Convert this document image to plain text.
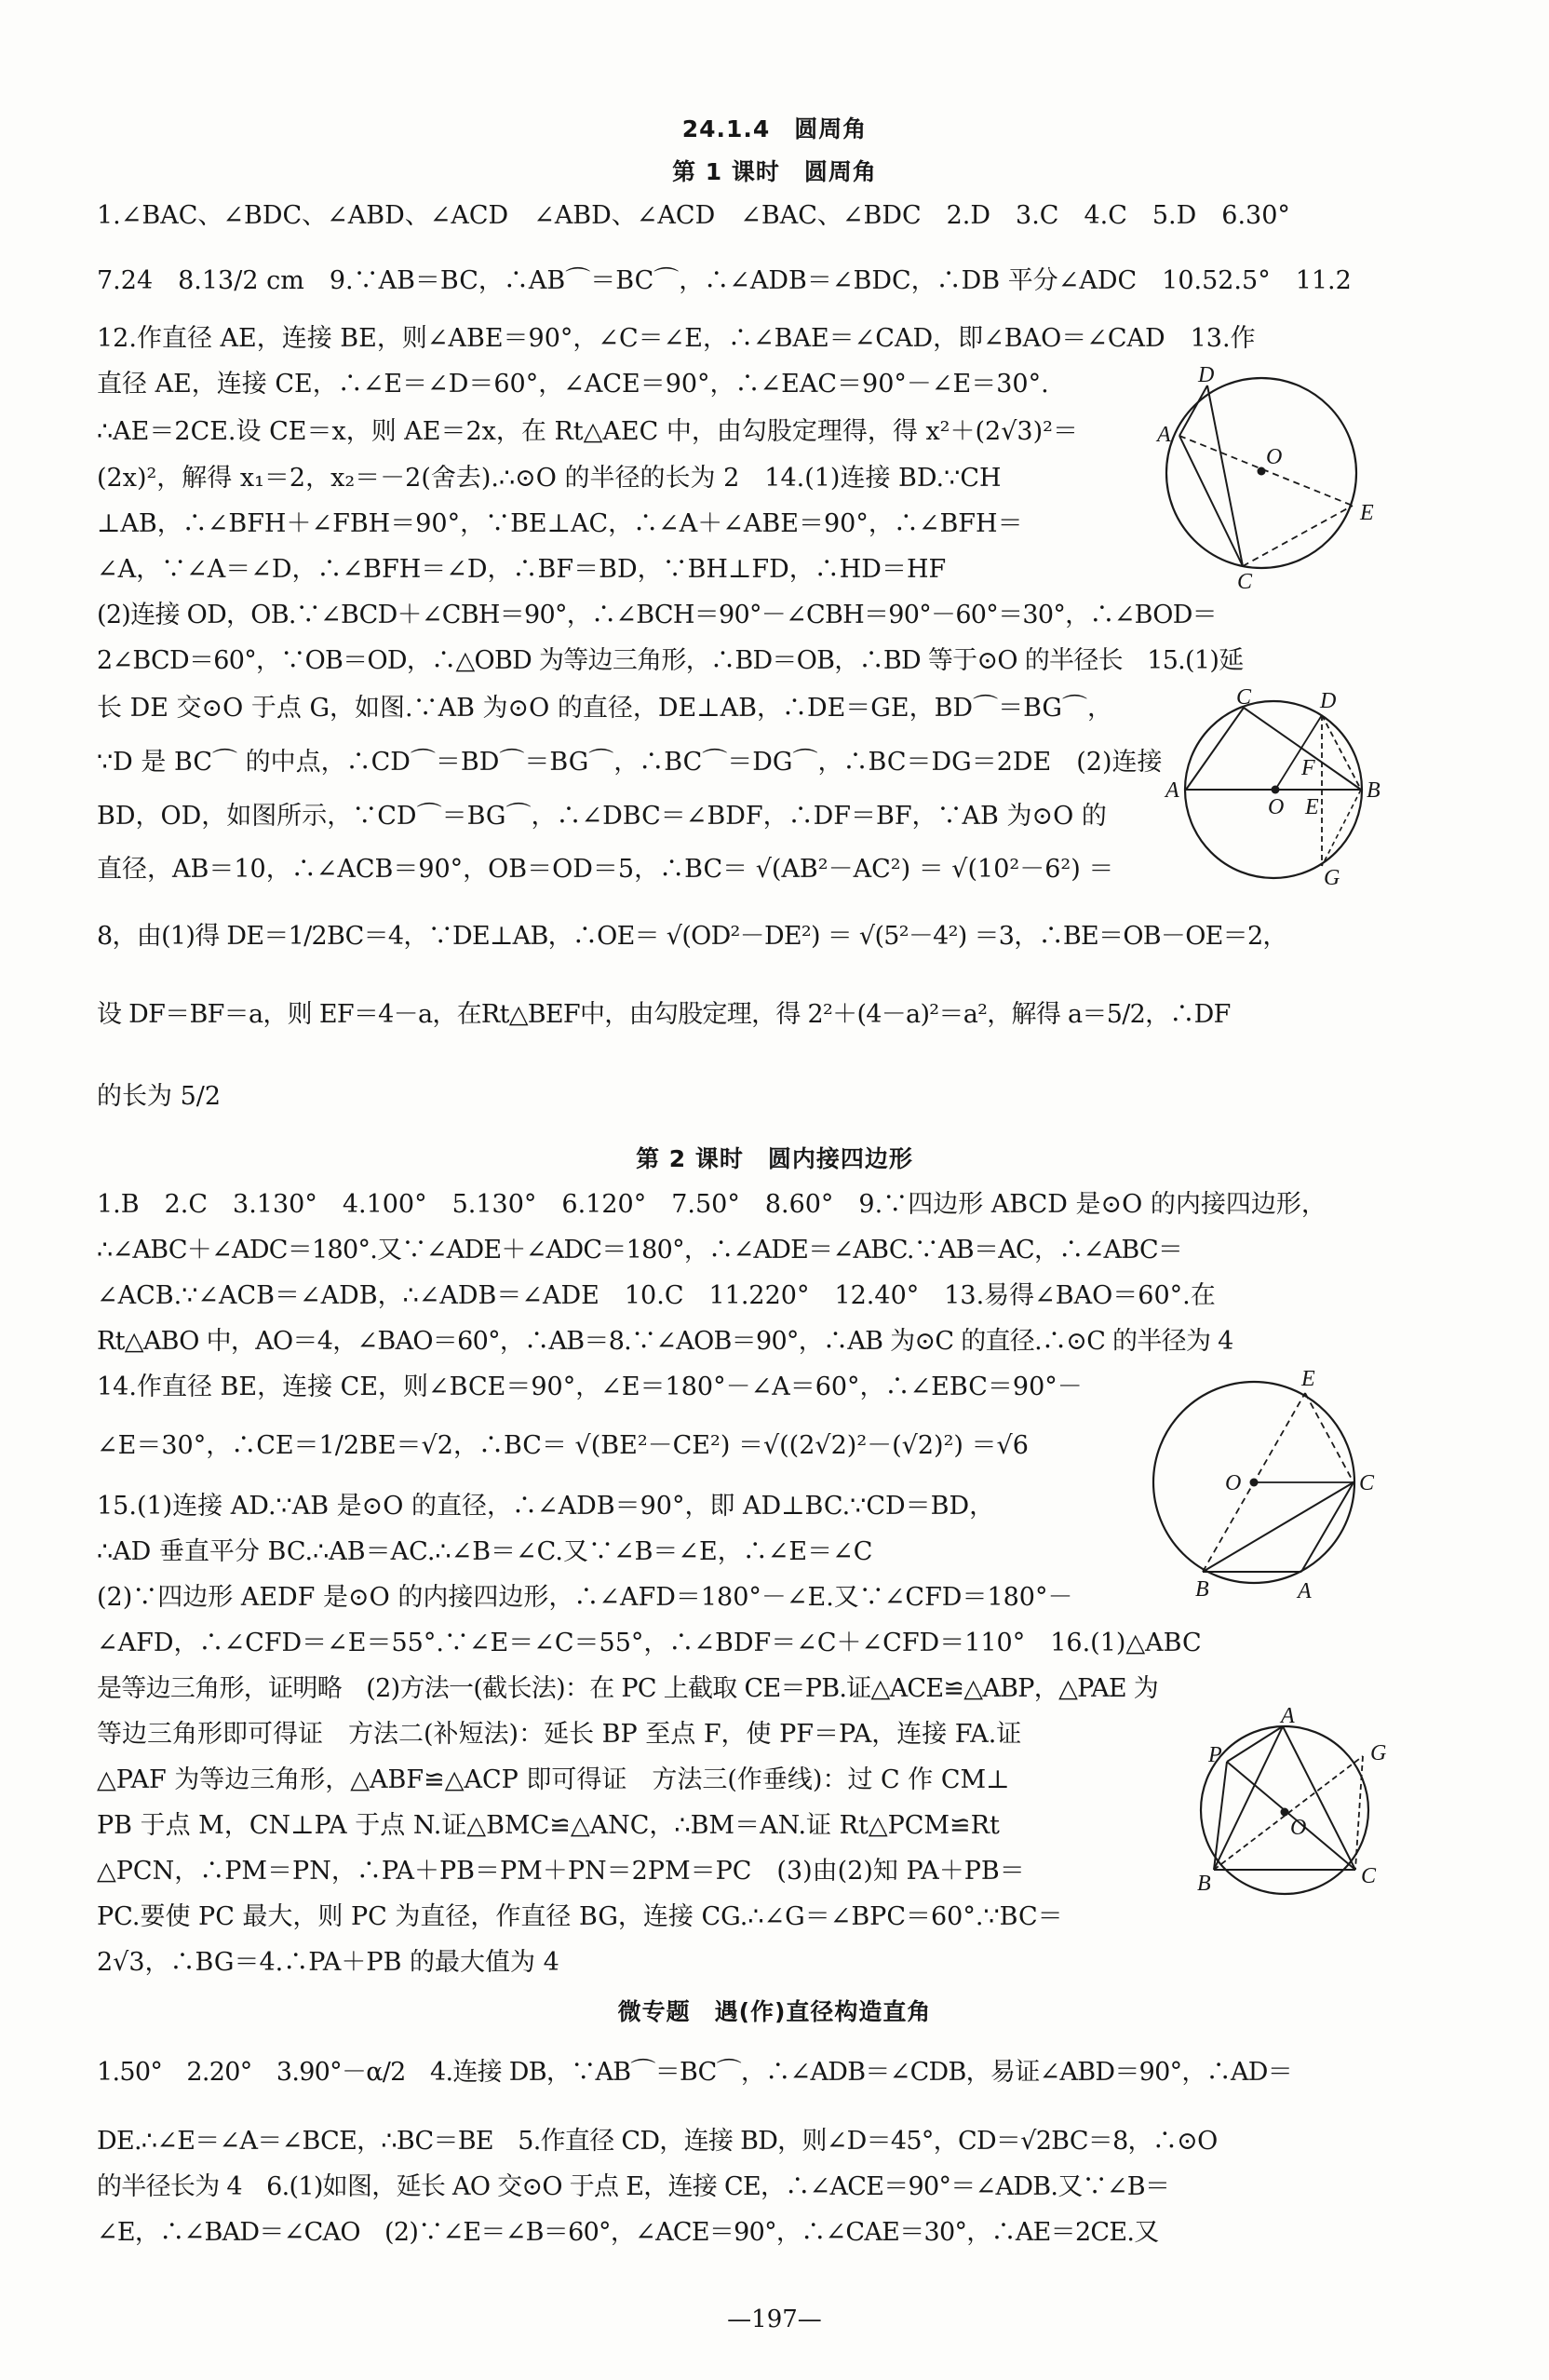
24.1.4　圆周角
第 1 课时　圆周角
1.∠BAC、∠BDC、∠ABD、∠ACD　∠ABD、∠ACD　∠BAC、∠BDC　2.D　3.C　4.C　5.D　6.30°
7.24　8.13/2 cm　9.∵AB＝BC，∴AB⌒＝BC⌒，∴∠ADB＝∠BDC，∴DB 平分∠ADC　10.52.5°　11.2
12.作直径 AE，连接 BE，则∠ABE＝90°，∠C＝∠E，∴∠BAE＝∠CAD，即∠BAO＝∠CAD　13.作
直径 AE，连接 CE，∴∠E＝∠D＝60°，∠ACE＝90°，∴∠EAC＝90°－∠E＝30°.
∴AE＝2CE.设 CE＝x，则 AE＝2x，在 Rt△AEC 中，由勾股定理得，得 x²＋(2√3)²＝
(2x)²，解得 x₁＝2，x₂＝－2(舍去).∴⊙O 的半径的长为 2　14.(1)连接 BD.∵CH
⊥AB，∴∠BFH＋∠FBH＝90°，∵BE⊥AC，∴∠A＋∠ABE＝90°，∴∠BFH＝
∠A，∵∠A＝∠D，∴∠BFH＝∠D，∴BF＝BD，∵BH⊥FD，∴HD＝HF
(2)连接 OD，OB.∵∠BCD＋∠CBH＝90°，∴∠BCH＝90°－∠CBH＝90°－60°＝30°，∴∠BOD＝
2∠BCD＝60°，∵OB＝OD，∴△OBD 为等边三角形，∴BD＝OB，∴BD 等于⊙O 的半径长　15.(1)延
长 DE 交⊙O 于点 G，如图.∵AB 为⊙O 的直径，DE⊥AB，∴DE＝GE，BD⌒＝BG⌒，
∵D 是 BC⌒ 的中点，∴CD⌒＝BD⌒＝BG⌒，∴BC⌒＝DG⌒，∴BC＝DG＝2DE　(2)连接
BD，OD，如图所示，∵CD⌒＝BG⌒，∴∠DBC＝∠BDF，∴DF＝BF，∵AB 为⊙O 的
直径，AB＝10，∴∠ACB＝90°，OB＝OD＝5，∴BC＝ √(AB²－AC²) ＝ √(10²－6²) ＝
8，由(1)得 DE＝1/2BC＝4，∵DE⊥AB，∴OE＝ √(OD²－DE²) ＝ √(5²－4²) ＝3，∴BE＝OB－OE＝2，
设 DF＝BF＝a，则 EF＝4－a，在Rt△BEF中，由勾股定理，得 2²＋(4－a)²＝a²，解得 a＝5/2，∴DF
的长为 5/2
第 2 课时　圆内接四边形
1.B　2.C　3.130°　4.100°　5.130°　6.120°　7.50°　8.60°　9.∵四边形 ABCD 是⊙O 的内接四边形，
∴∠ABC＋∠ADC＝180°.又∵∠ADE＋∠ADC＝180°，∴∠ADE＝∠ABC.∵AB＝AC，∴∠ABC＝
∠ACB.∵∠ACB＝∠ADB，∴∠ADB＝∠ADE　10.C　11.220°　12.40°　13.易得∠BAO＝60°.在
Rt△ABO 中，AO＝4，∠BAO＝60°，∴AB＝8.∵∠AOB＝90°，∴AB 为⊙C 的直径.∴⊙C 的半径为 4
14.作直径 BE，连接 CE，则∠BCE＝90°，∠E＝180°－∠A＝60°，∴∠EBC＝90°－
∠E＝30°，∴CE＝1/2BE＝√2，∴BC＝ √(BE²－CE²) ＝√((2√2)²－(√2)²) ＝√6
15.(1)连接 AD.∵AB 是⊙O 的直径，∴∠ADB＝90°，即 AD⊥BC.∵CD＝BD，
∴AD 垂直平分 BC.∴AB＝AC.∴∠B＝∠C.又∵∠B＝∠E，∴∠E＝∠C
(2)∵四边形 AEDF 是⊙O 的内接四边形，∴∠AFD＝180°－∠E.又∵∠CFD＝180°－
∠AFD，∴∠CFD＝∠E＝55°.∵∠E＝∠C＝55°，∴∠BDF＝∠C＋∠CFD＝110°　16.(1)△ABC
是等边三角形，证明略　(2)方法一(截长法)：在 PC 上截取 CE＝PB.证△ACE≌△ABP，△PAE 为
等边三角形即可得证　方法二(补短法)：延长 BP 至点 F，使 PF＝PA，连接 FA.证
△PAF 为等边三角形，△ABF≌△ACP 即可得证　方法三(作垂线)：过 C 作 CM⊥
PB 于点 M，CN⊥PA 于点 N.证△BMC≌△ANC，∴BM＝AN.证 Rt△PCM≌Rt
△PCN，∴PM＝PN，∴PA＋PB＝PM＋PN＝2PM＝PC　(3)由(2)知 PA＋PB＝
PC.要使 PC 最大，则 PC 为直径，作直径 BG，连接 CG.∴∠G＝∠BPC＝60°.∵BC＝
2√3，∴BG＝4.∴PA＋PB 的最大值为 4
微专题　遇(作)直径构造直角
1.50°　2.20°　3.90°－α/2　4.连接 DB，∵AB⌒＝BC⌒，∴∠ADB＝∠CDB，易证∠ABD＝90°，∴AD＝
DE.∴∠E＝∠A＝∠BCE，∴BC＝BE　5.作直径 CD，连接 BD，则∠D＝45°，CD＝√2BC＝8，∴⊙O
的半径长为 4　6.(1)如图，延长 AO 交⊙O 于点 E，连接 CE，∴∠ACE＝90°＝∠ADB.又∵∠B＝
∠E，∴∠BAD＝∠CAO　(2)∵∠E＝∠B＝60°，∠ACE＝90°，∴∠CAE＝30°，∴AE＝2CE.又
D
A
O
E
C
C	D
A
F
B
O E
G
E
O	C
B	A
P
A
G
O
B	C
—197—
